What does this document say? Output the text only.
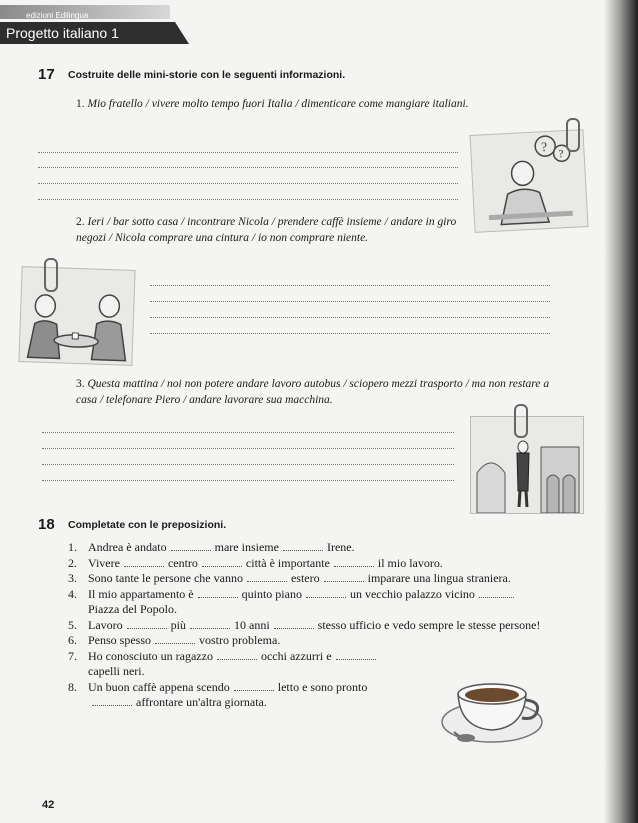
edizioni Edilingua
Progetto italiano 1
17 Costruite delle mini-storie con le seguenti informazioni.
1. Mio fratello / vivere molto tempo fuori Italia / dimenticare come mangiare italiani.
? ?
2. Ieri / bar sotto casa / incontrare Nicola / prendere caffè insieme / andare in giro negozi / Nicola comprare una cintura / io non comprare niente.
3. Questa mattina / noi non potere andare lavoro autobus / sciopero mezzi trasporto / ma non restare a casa / telefonare Piero / andare lavorare sua macchina.
18 Completate con le preposizioni.
1. Andrea è andato	mare insieme	Irene.
2. Vivere	centro	città è importante	il mio lavoro.
3. Sono tante le persone che vanno	estero	imparare una lingua straniera.
4. Il mio appartamento è	quinto piano	un vecchio palazzo vicino
Piazza del Popolo.
5. Lavoro	più	10 anni	stesso ufficio e vedo sempre le stesse persone!
6. Penso spesso	vostro problema.
7. Ho conosciuto un ragazzo	occhi azzurri e
capelli neri.
8. Un buon caffè appena scendo	letto e sono pronto
affrontare un'altra giornata.
42
